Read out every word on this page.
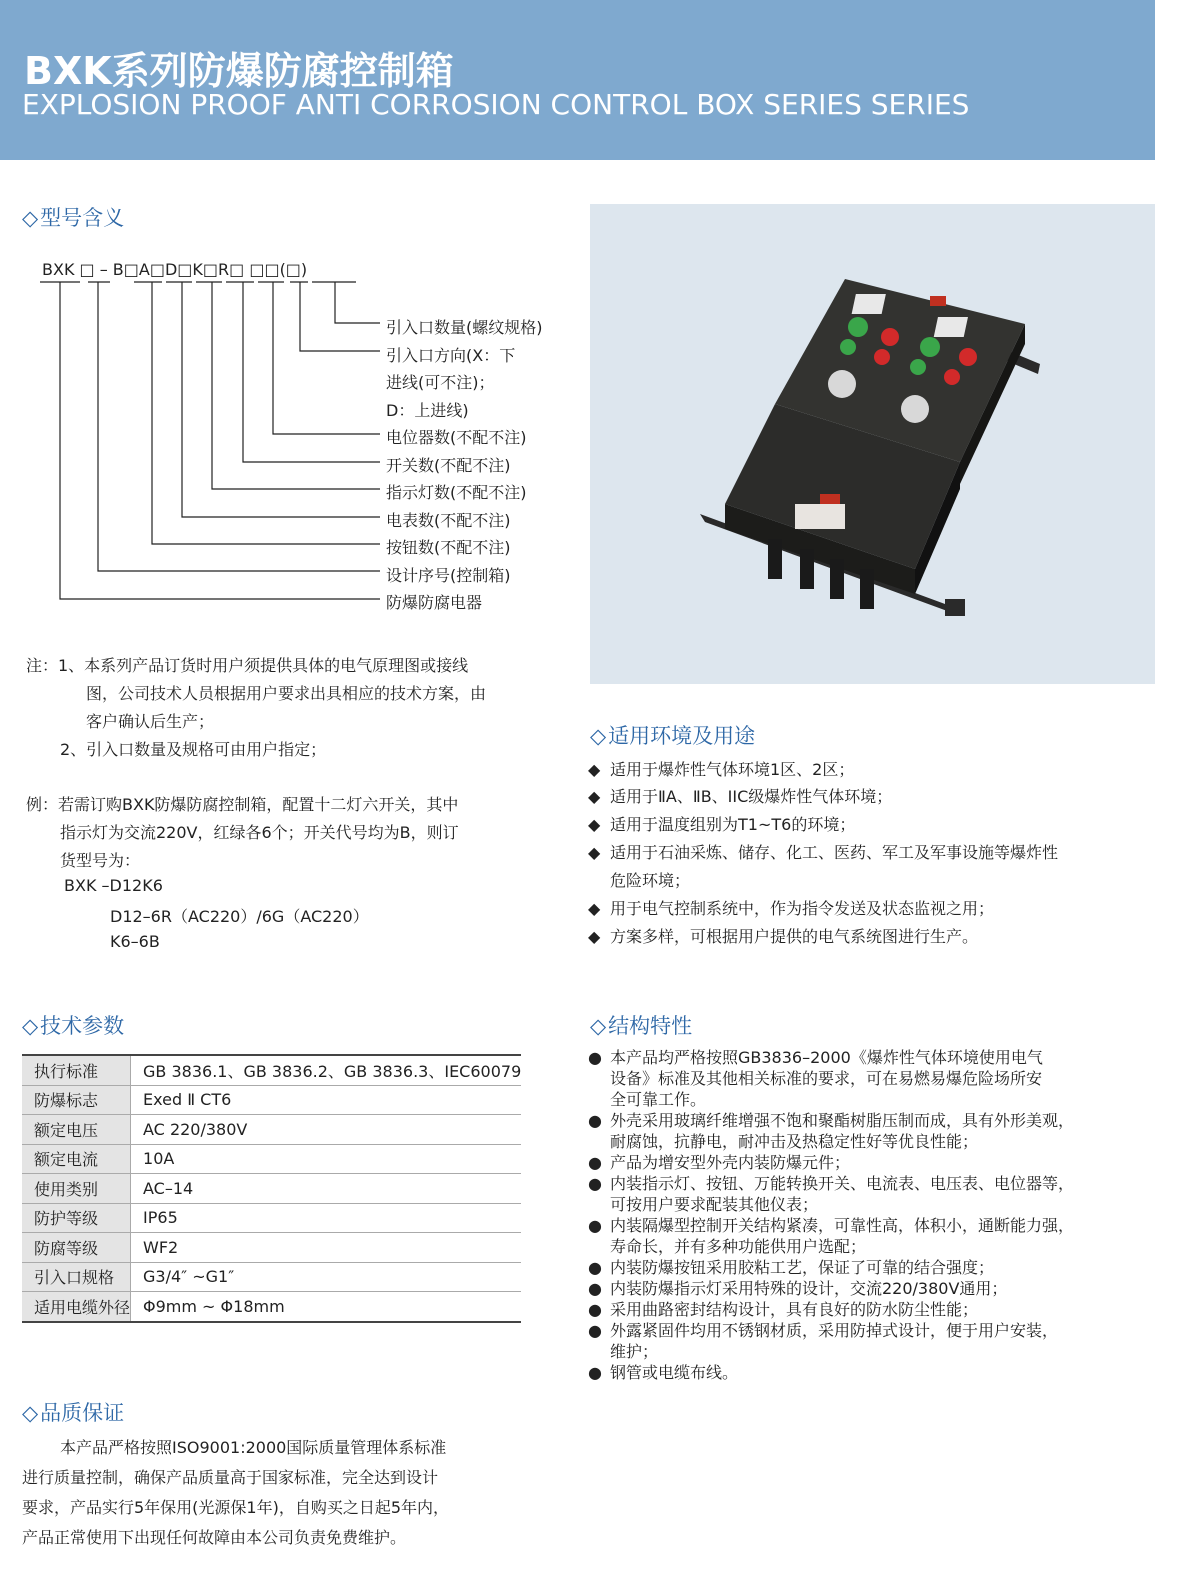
BXK系列防爆防腐控制箱
EXPLOSION PROOF ANTI CORROSION CONTROL BOX SERIES SERIES
◇型号含义
BXK □ – B□A□D□K□R□ □□(□)
引入口数量(螺纹规格)
引入口方向(X：下
进线(可不注)；
D：上进线)
电位器数(不配不注)
开关数(不配不注)
指示灯数(不配不注)
电表数(不配不注)
按钮数(不配不注)
设计序号(控制箱)
防爆防腐电器
注：1、本系列产品订货时用户须提供具体的电气原理图或接线
图，公司技术人员根据用户要求出具相应的技术方案，由
客户确认后生产；
2、引入口数量及规格可由用户指定；
例：若需订购BXK防爆防腐控制箱，配置十二灯六开关，其中
指示灯为交流220V，红绿各6个；开关代号均为B，则订
货型号为：
BXK –D12K6
D12–6R（AC220）/6G（AC220）
K6–6B
◇适用环境及用途
◆ 适用于爆炸性气体环境1区、2区；
◆ 适用于ⅡA、ⅡB、IIC级爆炸性气体环境；
◆ 适用于温度组别为T1~T6的环境；
◆ 适用于石油采炼、储存、化工、医药、军工及军事设施等爆炸性
危险环境；
◆ 用于电气控制系统中，作为指令发送及状态监视之用；
◆ 方案多样，可根据用户提供的电气系统图进行生产。
◇技术参数
执行标准	GB 3836.1、GB 3836.2、GB 3836.3、IEC60079
防爆标志	Exed Ⅱ CT6
额定电压	AC 220/380V
额定电流	10A
使用类别	AC–14
防护等级	IP65
防腐等级	WF2
引入口规格	G3/4″ ~G1″
适用电缆外径	Φ9mm ~ Φ18mm
◇结构特性
● 本产品均严格按照GB3836–2000《爆炸性气体环境使用电气
设备》标准及其他相关标准的要求，可在易燃易爆危险场所安
全可靠工作。
● 外壳采用玻璃纤维增强不饱和聚酯树脂压制而成，具有外形美观，
耐腐蚀，抗静电，耐冲击及热稳定性好等优良性能；
● 产品为增安型外壳内装防爆元件；
● 内装指示灯、按钮、万能转换开关、电流表、电压表、电位器等，
可按用户要求配装其他仪表；
● 内装隔爆型控制开关结构紧凑，可靠性高，体积小，通断能力强，
寿命长，并有多种功能供用户选配；
● 内装防爆按钮采用胶粘工艺，保证了可靠的结合强度；
● 内装防爆指示灯采用特殊的设计，交流220/380V通用；
● 采用曲路密封结构设计，具有良好的防水防尘性能；
● 外露紧固件均用不锈钢材质，采用防掉式设计，便于用户安装，
维护；
● 钢管或电缆布线。
◇品质保证
本产品严格按照ISO9001:2000国际质量管理体系标准
进行质量控制，确保产品质量高于国家标准，完全达到设计
要求，产品实行5年保用(光源保1年)，自购买之日起5年内，
产品正常使用下出现任何故障由本公司负责免费维护。
